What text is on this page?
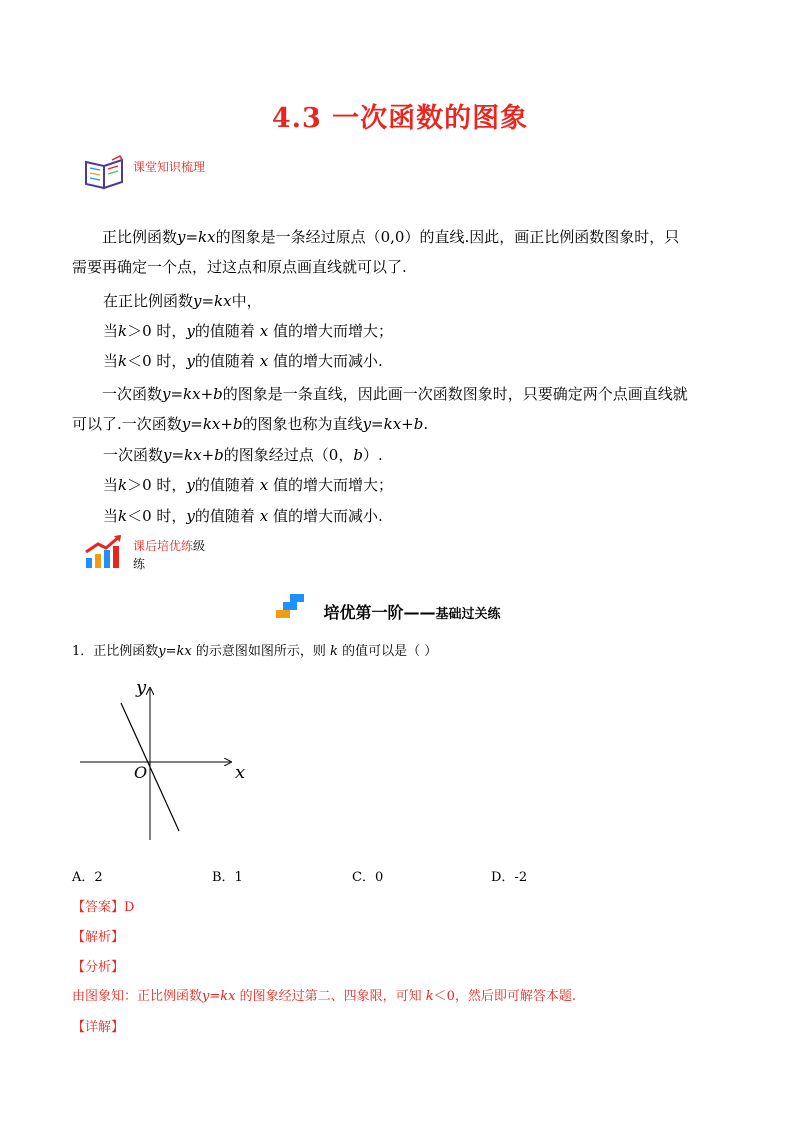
4.3 一次函数的图象
课堂知识梳理
正比例函数y=kx的图象是一条经过原点（0,0）的直线.因此，画正比例函数图象时，只
需要再确定一个点，过这点和原点画直线就可以了.
在正比例函数y=kx中，
当k＞0 时，y的值随着 x 值的增大而增大；
当k＜0 时，y的值随着 x 值的增大而减小.
一次函数y=kx+b的图象是一条直线，因此画一次函数图象时，只要确定两个点画直线就
可以了.一次函数y=kx+b的图象也称为直线y=kx+b.
一次函数y=kx+b的图象经过点（0，b）.
当k＞0 时，y的值随着 x 值的增大而增大；
当k＜0 时，y的值随着 x 值的增大而减小.
课后培优练级
练
培优第一阶——基础过关练
1．正比例函数y=kx 的示意图如图所示，则 k 的值可以是（ ）
x
y
O
A．2	B．1	C．0	D．-2
【答案】D
【解析】
【分析】
由图象知：正比例函数y=kx 的图象经过第二、四象限，可知 k＜0，然后即可解答本题.
【详解】
